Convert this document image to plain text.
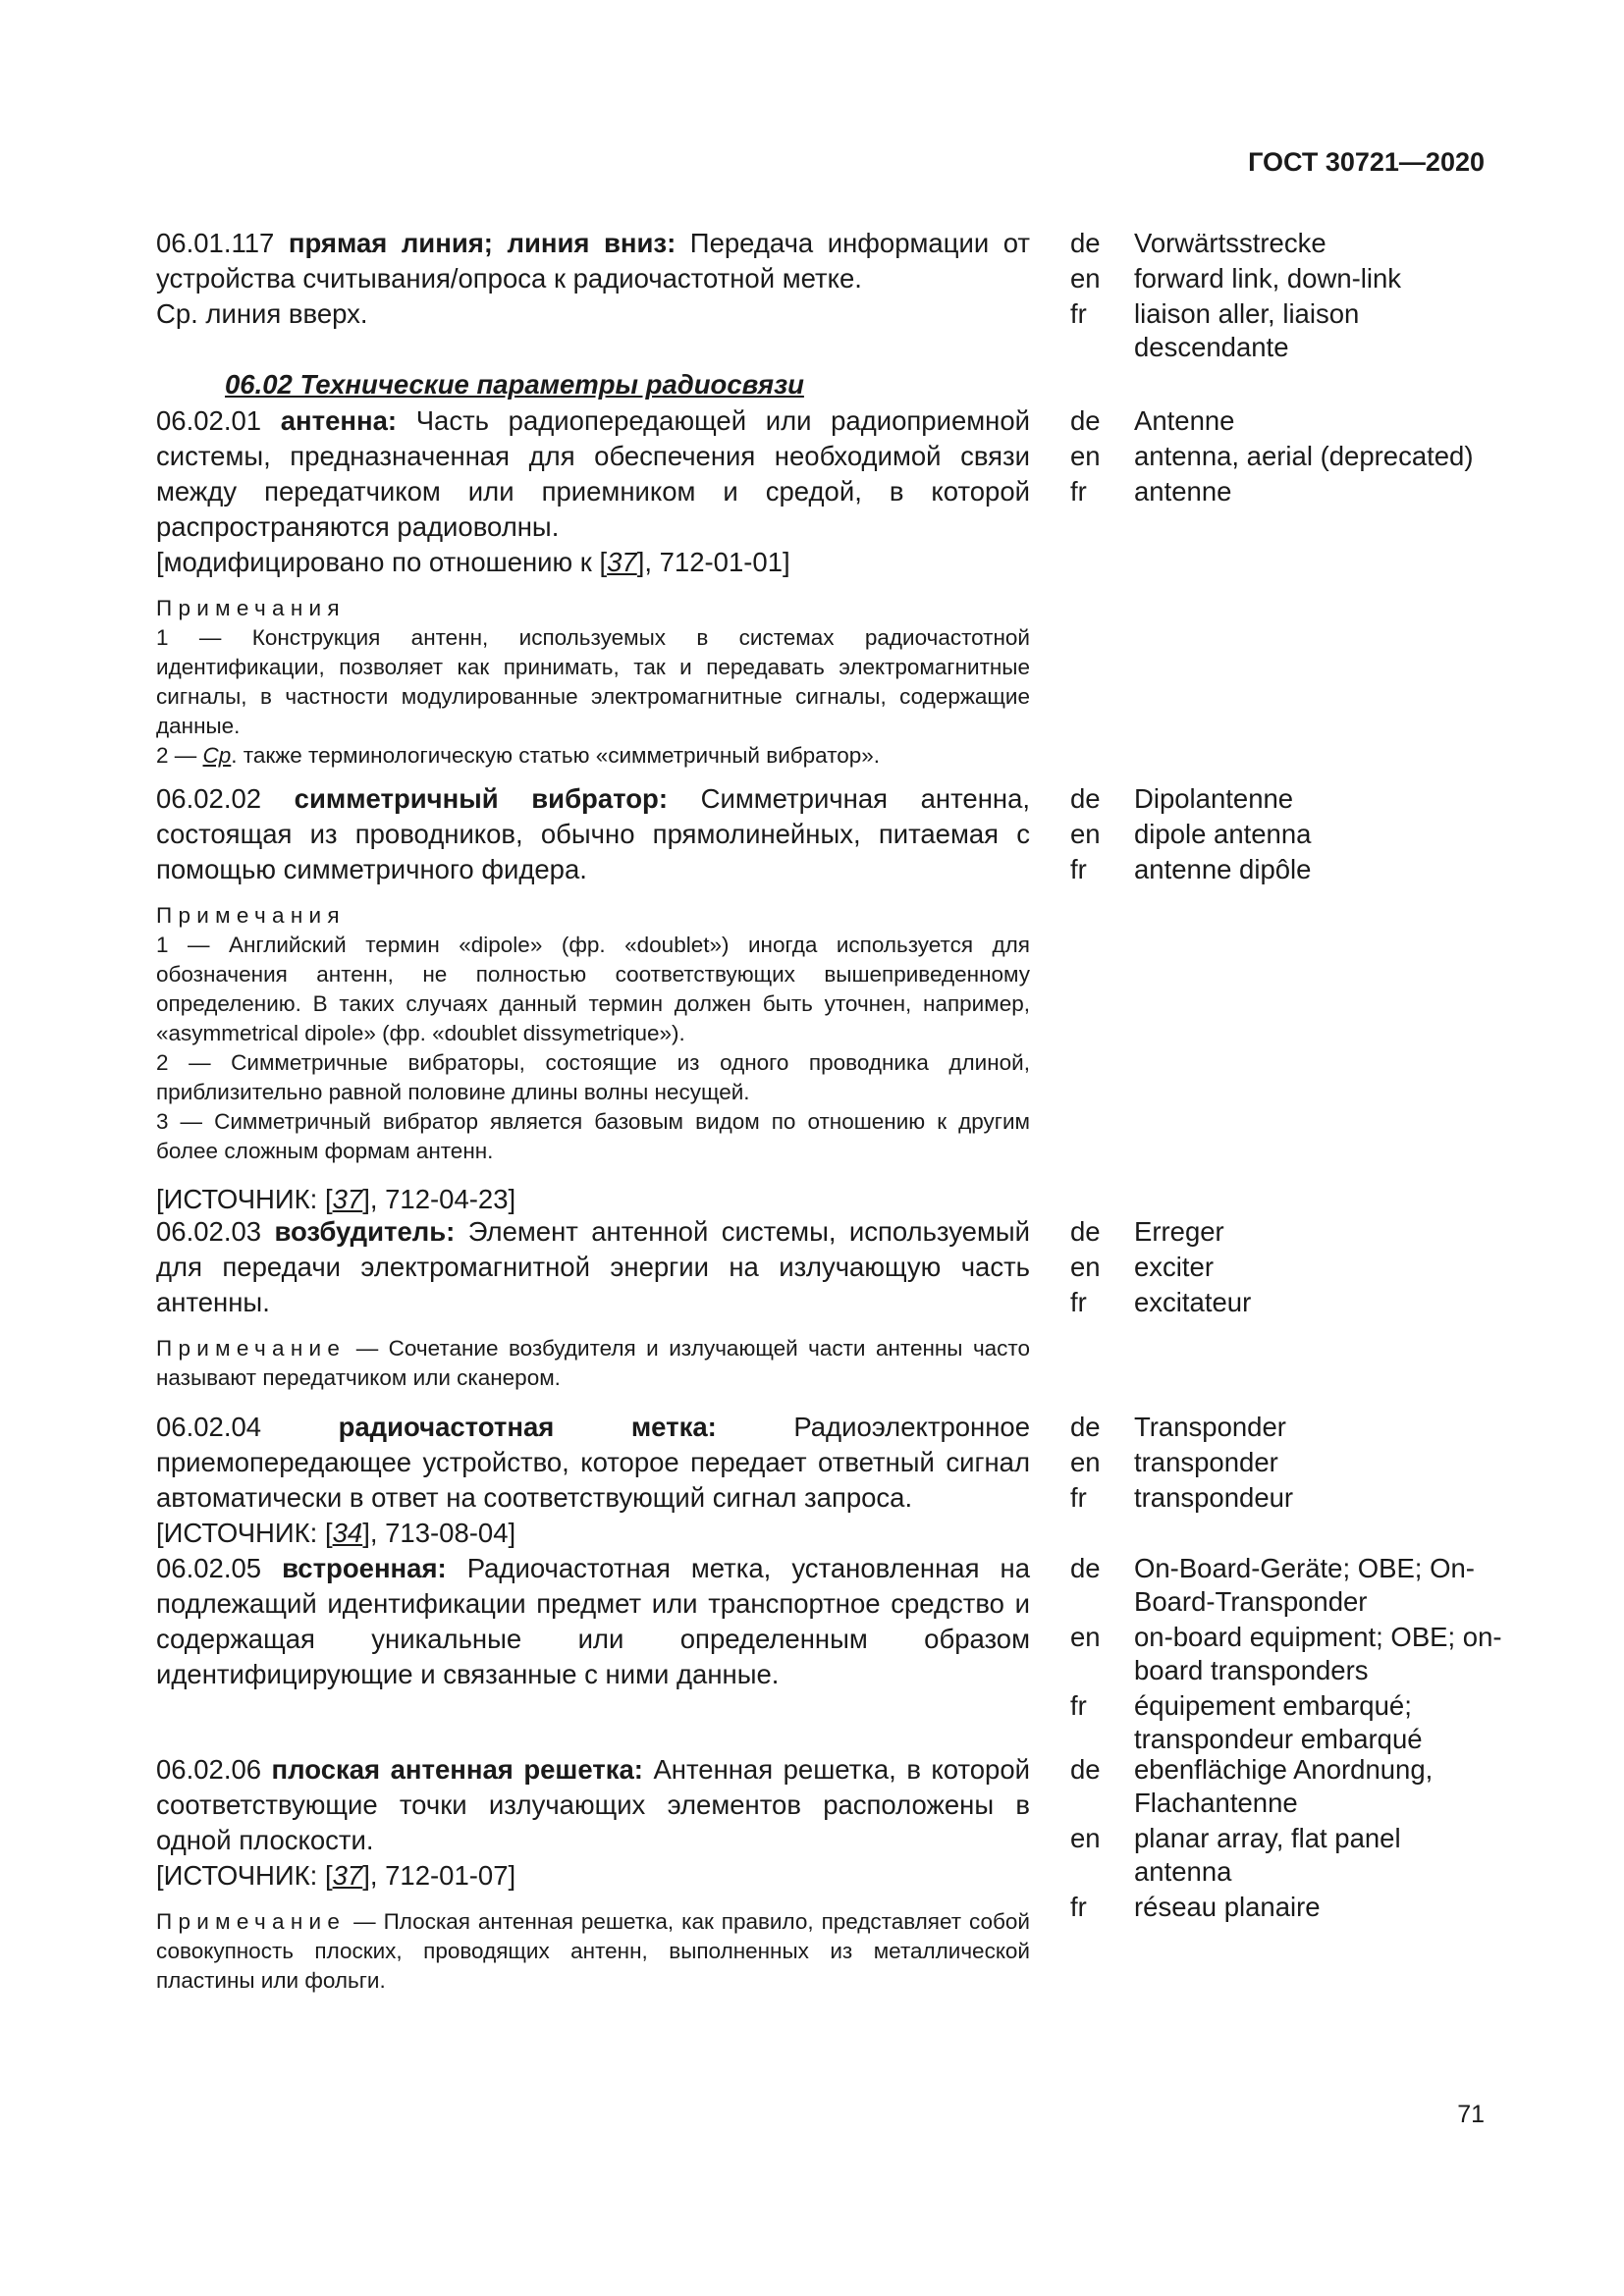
ГОСТ 30721—2020

06.01.117 прямая линия; линия вниз: Передача информации от устройства считывания/опроса к радиочастотной метке.

Ср. линия вверх.

de	Vorwärtsstrecke
en	forward link, down-link
fr	liaison aller, liaison descendante

06.02 Технические параметры радиосвязи

06.02.01 антенна: Часть радиопередающей или радиоприемной системы, предназначенная для обеспечения необходимой связи между передатчиком или приемником и средой, в которой распространяются радиоволны.

[модифицировано по отношению к [37], 712-01-01]

Примечания

1 — Конструкция антенн, используемых в системах радиочастотной идентификации, позволяет как принимать, так и передавать электромагнитные сигналы, в частности модулированные электромагнитные сигналы, содержащие данные.

2 — Ср. также терминологическую статью «симметричный вибратор».

de	Antenne
en	antenna, aerial (deprecated)
fr	antenne

06.02.02 симметричный вибратор: Симметричная антенна, состоящая из проводников, обычно прямолинейных, питаемая с помощью симметричного фидера.

Примечания

1 — Английский термин «dipole» (фр. «doublet») иногда используется для обозначения антенн, не полностью соответствующих вышеприведенному определению. В таких случаях данный термин должен быть уточнен, например, «asymmetrical dipole» (фр. «doublet dissymetrique»).

2 — Симметричные вибраторы, состоящие из одного проводника длиной, приблизительно равной половине длины волны несущей.

3 — Симметричный вибратор является базовым видом по отношению к другим более сложным формам антенн.

[ИСТОЧНИК: [37], 712-04-23]

de	Dipolantenne
en	dipole antenna
fr	antenne dipôle

06.02.03 возбудитель: Элемент антенной системы, используемый для передачи электромагнитной энергии на излучающую часть антенны.

Примечание — Сочетание возбудителя и излучающей части антенны часто называют передатчиком или сканером.

de	Erreger
en	exciter
fr	excitateur

06.02.04	радиочастотная метка:	Радиоэлектронное приемопередающее устройство, которое передает ответный сигнал автоматически в ответ на соответствующий сигнал запроса.

[ИСТОЧНИК: [34], 713-08-04]

de	Transponder
en	transponder
fr	transpondeur

06.02.05 встроенная: Радиочастотная метка, установленная на подлежащий идентификации предмет или транспортное средство и содержащая уникальные или определенным образом идентифицирующие и связанные с ними данные.

de	On-Board-Geräte; OBE; On-Board-Transponder
en	on-board equipment; OBE; on-board transponders
fr	équipement embarqué; transpondeur embarqué

06.02.06 плоская антенная решетка: Антенная решетка, в которой соответствующие точки излучающих элементов расположены в одной плоскости.

[ИСТОЧНИК: [37], 712-01-07]

Примечание — Плоская антенная решетка, как правило, представляет собой совокупность плоских, проводящих антенн, выполненных из металлической пластины или фольги.

de	ebenflächige Anordnung, Flachantenne
en	planar array, flat panel antenna
fr	réseau planaire
71
